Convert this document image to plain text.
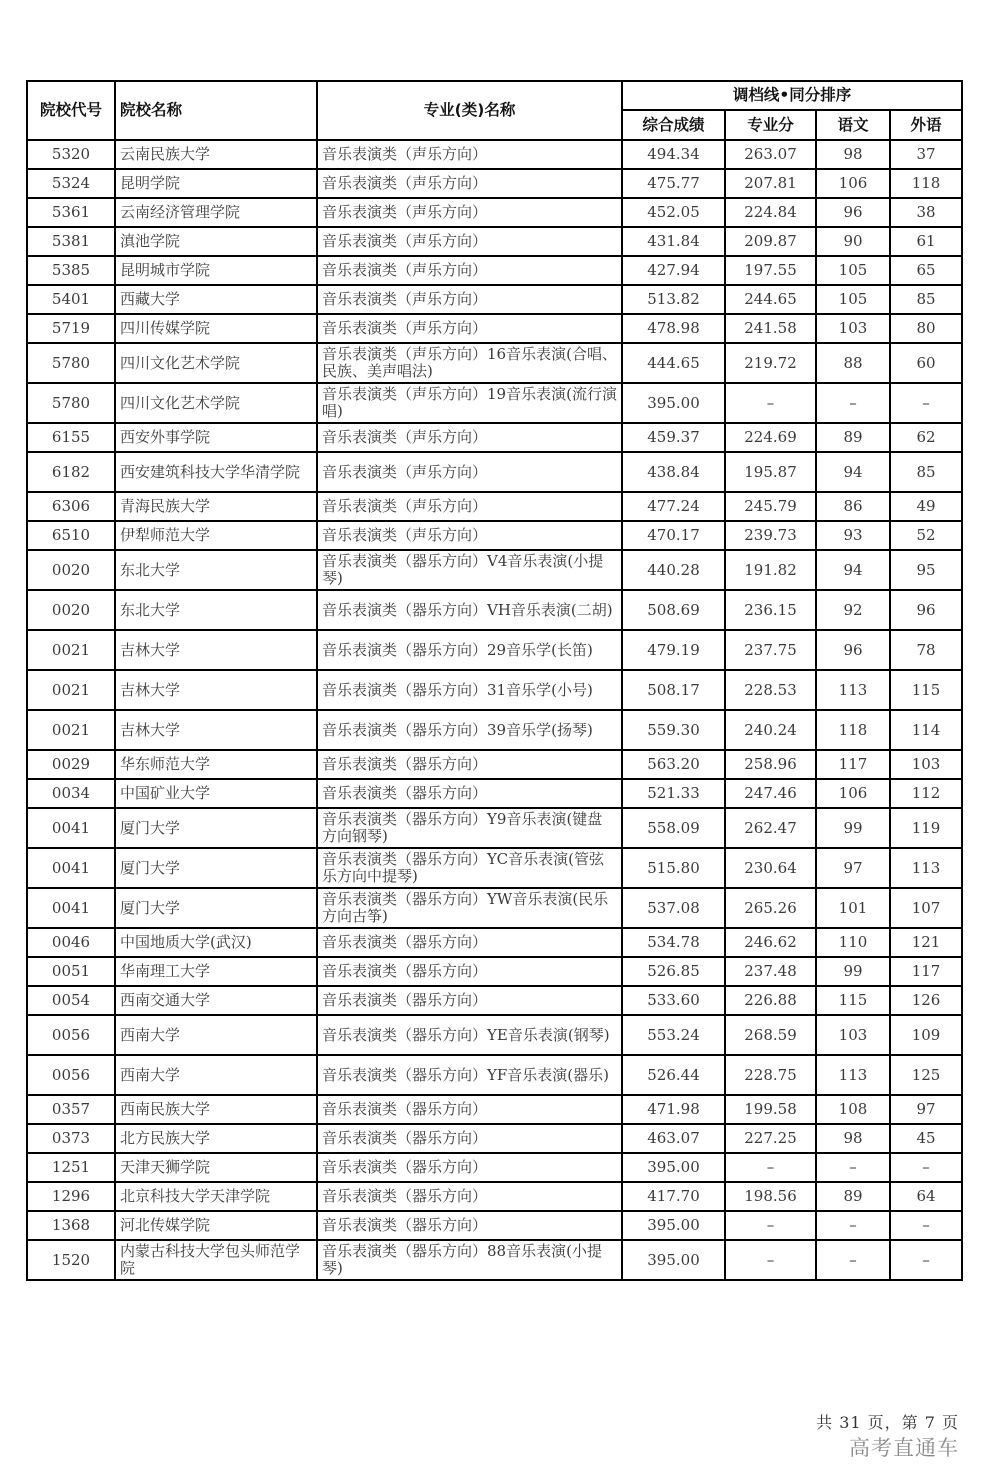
院校代号	院校名称	专业(类)名称	调档线•同分排序			
			综合成绩	专业分	语文	外语
5320	云南民族大学	音乐表演类（声乐方向）	494.34	263.07	98	37
5324	昆明学院	音乐表演类（声乐方向）	475.77	207.81	106	118
5361	云南经济管理学院	音乐表演类（声乐方向）	452.05	224.84	96	38
5381	滇池学院	音乐表演类（声乐方向）	431.84	209.87	90	61
5385	昆明城市学院	音乐表演类（声乐方向）	427.94	197.55	105	65
5401	西藏大学	音乐表演类（声乐方向）	513.82	244.65	105	85
5719	四川传媒学院	音乐表演类（声乐方向）	478.98	241.58	103	80
5780	四川文化艺术学院	音乐表演类（声乐方向）16音乐表演(合唱、民族、美声唱法)	444.65	219.72	88	60
5780	四川文化艺术学院	音乐表演类（声乐方向）19音乐表演(流行演唱)	395.00	–	–	–
6155	西安外事学院	音乐表演类（声乐方向）	459.37	224.69	89	62
6182	西安建筑科技大学华清学院	音乐表演类（声乐方向）	438.84	195.87	94	85
6306	青海民族大学	音乐表演类（声乐方向）	477.24	245.79	86	49
6510	伊犁师范大学	音乐表演类（声乐方向）	470.17	239.73	93	52
0020	东北大学	音乐表演类（器乐方向）V4音乐表演(小提琴)	440.28	191.82	94	95
0020	东北大学	音乐表演类（器乐方向）VH音乐表演(二胡)	508.69	236.15	92	96
0021	吉林大学	音乐表演类（器乐方向）29音乐学(长笛)	479.19	237.75	96	78
0021	吉林大学	音乐表演类（器乐方向）31音乐学(小号)	508.17	228.53	113	115
0021	吉林大学	音乐表演类（器乐方向）39音乐学(扬琴)	559.30	240.24	118	114
0029	华东师范大学	音乐表演类（器乐方向）	563.20	258.96	117	103
0034	中国矿业大学	音乐表演类（器乐方向）	521.33	247.46	106	112
0041	厦门大学	音乐表演类（器乐方向）Y9音乐表演(键盘方向钢琴)	558.09	262.47	99	119
0041	厦门大学	音乐表演类（器乐方向）YC音乐表演(管弦乐方向中提琴)	515.80	230.64	97	113
0041	厦门大学	音乐表演类（器乐方向）YW音乐表演(民乐方向古筝)	537.08	265.26	101	107
0046	中国地质大学(武汉)	音乐表演类（器乐方向）	534.78	246.62	110	121
0051	华南理工大学	音乐表演类（器乐方向）	526.85	237.48	99	117
0054	西南交通大学	音乐表演类（器乐方向）	533.60	226.88	115	126
0056	西南大学	音乐表演类（器乐方向）YE音乐表演(钢琴)	553.24	268.59	103	109
0056	西南大学	音乐表演类（器乐方向）YF音乐表演(器乐)	526.44	228.75	113	125
0357	西南民族大学	音乐表演类（器乐方向）	471.98	199.58	108	97
0373	北方民族大学	音乐表演类（器乐方向）	463.07	227.25	98	45
1251	天津天狮学院	音乐表演类（器乐方向）	395.00	–	–	–
1296	北京科技大学天津学院	音乐表演类（器乐方向）	417.70	198.56	89	64
1368	河北传媒学院	音乐表演类（器乐方向）	395.00	–	–	–
1520	内蒙古科技大学包头师范学院	音乐表演类（器乐方向）88音乐表演(小提琴)	395.00	–	–	–
共 31 页，第 7 页
高考直通车
